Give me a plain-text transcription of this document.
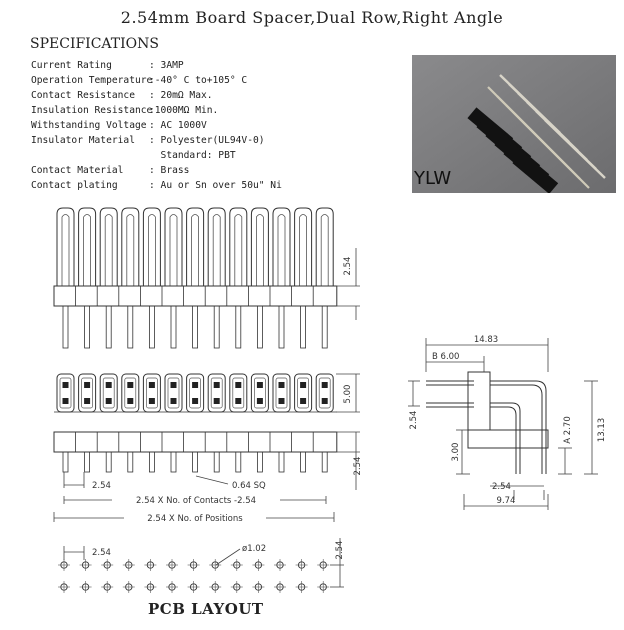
2.54mm Board Spacer,Dual Row,Right Angle
SPECIFICATIONS
Current Rating	: 3AMP
Operation Temperature:-40° C to+105° C
Contact Resistance : 20mΩ Max.
Insulation Resistance:1000MΩ Min.
Withstanding Voltage : AC 1000V
Insulator Material : Polyester(UL94V-0)
Standard: PBT
Contact Material	: Brass
Contact plating	: Au or Sn over 50u" Ni	YLW
2.54
5.00
2.54
2.54	0.64 SQ
2.54 X No. of Contacts -2.54
2.54 X No. of Positions
14.83
B 6.00
2.54
3.00
A 2.70	13.13
2.54
9.74
2.54	ø1.02	2.54
PCB LAYOUT
